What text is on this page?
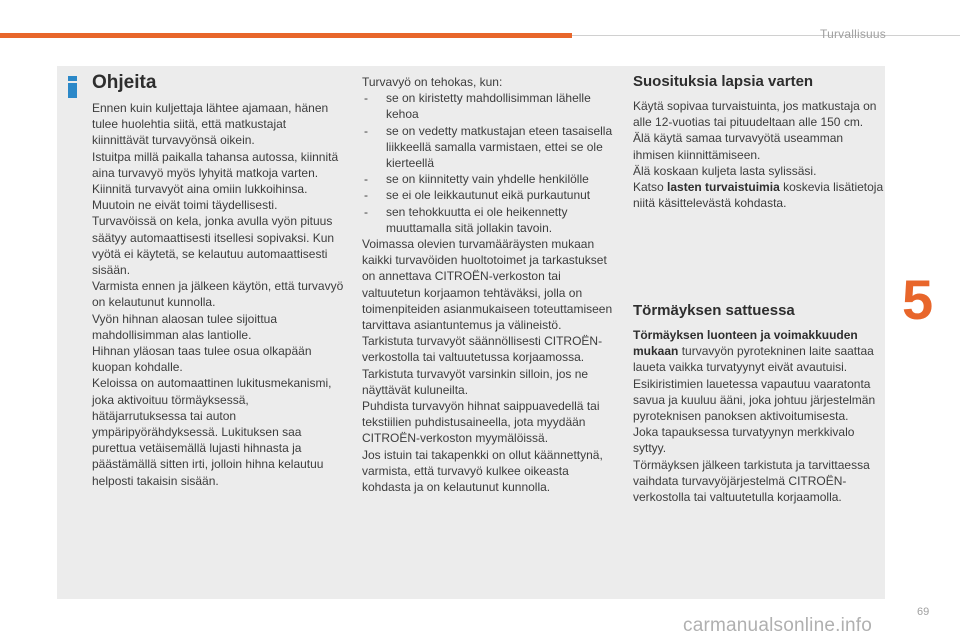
Turvallisuus
5
Ohjeita

Ennen kuin kuljettaja lähtee ajamaan, hänen tulee huolehtia siitä, että matkustajat kiinnittävät turvavyönsä oikein.

Istuitpa millä paikalla tahansa autossa, kiinnitä aina turvavyö myös lyhyitä matkoja varten.

Kiinnitä turvavyöt aina omiin lukkoihinsa. Muutoin ne eivät toimi täydellisesti.

Turvavöissä on kela, jonka avulla vyön pituus säätyy automaattisesti itsellesi sopivaksi. Kun vyötä ei käytetä, se kelautuu automaattisesti sisään.

Varmista ennen ja jälkeen käytön, että turvavyö on kelautunut kunnolla.

Vyön hihnan alaosan tulee sijoittua mahdollisimman alas lantiolle.

Hihnan yläosan taas tulee osua olkapään kuopan kohdalle.

Keloissa on automaattinen lukitusmekanismi, joka aktivoituu törmäyksessä, hätäjarrutuksessa tai auton ympäripyörähdyksessä. Lukituksen saa purettua vetäisemällä lujasti hihnasta ja päästämällä sitten irti, jolloin hihna kelautuu helposti takaisin sisään.

Turvavyö on tehokas, kun:

- se on kiristetty mahdollisimman lähelle kehoa
- se on vedetty matkustajan eteen tasaisella liikkeellä samalla varmistaen, ettei se ole kierteellä
- se on kiinnitetty vain yhdelle henkilölle
- se ei ole leikkautunut eikä purkautunut
- sen tehokkuutta ei ole heikennetty muuttamalla sitä jollakin tavoin.

Voimassa olevien turvamääräysten mukaan kaikki turvavöiden huoltotoimet ja tarkastukset on annettava CITROËN-verkoston tai valtuutetun korjaamon tehtäväksi, jolla on toimenpiteiden asianmukaiseen toteuttamiseen tarvittava asiantuntemus ja välineistö.

Tarkistuta turvavyöt säännöllisesti CITROËN-verkostolla tai valtuutetussa korjaamossa. Tarkistuta turvavyöt varsinkin silloin, jos ne näyttävät kuluneilta.

Puhdista turvavyön hihnat saippuavedellä tai tekstiilien puhdistusaineella, jota myydään CITROËN-verkoston myymälöissä.

Jos istuin tai takapenkki on ollut käännettynä, varmista, että turvavyö kulkee oikeasta kohdasta ja on kelautunut kunnolla.

Suosituksia lapsia varten

Käytä sopivaa turvaistuinta, jos matkustaja on alle 12-vuotias tai pituudeltaan alle 150 cm.

Älä käytä samaa turvavyötä useamman ihmisen kiinnittämiseen.

Älä koskaan kuljeta lasta sylissäsi.

Katso lasten turvaistuimia koskevia lisätietoja niitä käsittelevästä kohdasta.

Törmäyksen sattuessa

Törmäyksen luonteen ja voimakkuuden mukaan turvavyön pyrotekninen laite saattaa laueta vaikka turvatyynyt eivät avautuisi. Esikiristimien lauetessa vapautuu vaaratonta savua ja kuuluu ääni, joka johtuu järjestelmän pyroteknisen panoksen aktivoitumisesta.

Joka tapauksessa turvatyynyn merkkivalo syttyy.

Törmäyksen jälkeen tarkistuta ja tarvittaessa vaihdata turvavyöjärjestelmä CITROËN-verkostolla tai valtuutetulla korjaamolla.

69
carmanualsonline.info
